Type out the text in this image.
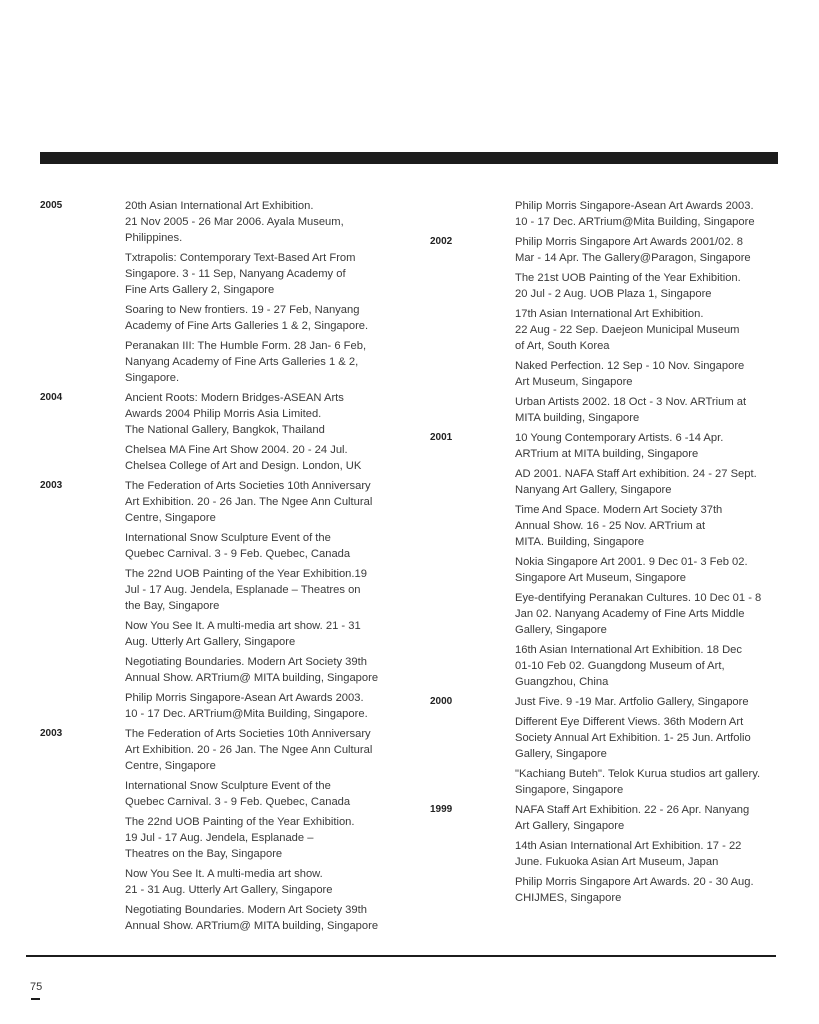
2005	20th Asian International Art Exhibition.
21 Nov 2005 - 26 Mar 2006. Ayala Museum,
Philippines.
Txtrapolis: Contemporary Text-Based Art From
Singapore. 3 - 11 Sep, Nanyang Academy of
Fine Arts Gallery 2, Singapore
Soaring to New frontiers. 19 - 27 Feb, Nanyang
Academy of Fine Arts Galleries 1 & 2, Singapore.
Peranakan III: The Humble Form. 28 Jan- 6 Feb,
Nanyang Academy of Fine Arts Galleries 1 & 2,
Singapore.
2004	Ancient Roots: Modern Bridges-ASEAN Arts
Awards 2004 Philip Morris Asia Limited.
The National Gallery, Bangkok, Thailand
Chelsea MA Fine Art Show 2004. 20 - 24 Jul.
Chelsea College of Art and Design. London, UK
2003	The Federation of Arts Societies 10th Anniversary
Art Exhibition. 20 - 26 Jan. The Ngee Ann Cultural
Centre, Singapore
International Snow Sculpture Event of the
Quebec Carnival. 3 - 9 Feb. Quebec, Canada
The 22nd UOB Painting of the Year Exhibition.19
Jul - 17 Aug. Jendela, Esplanade – Theatres on
the Bay, Singapore
Now You See It. A multi-media art show. 21 - 31
Aug. Utterly Art Gallery, Singapore
Negotiating Boundaries. Modern Art Society 39th
Annual Show. ARTrium@ MITA building, Singapore
Philip Morris Singapore-Asean Art Awards 2003.
10 - 17 Dec. ARTrium@Mita Building, Singapore.
2003	The Federation of Arts Societies 10th Anniversary
Art Exhibition. 20 - 26 Jan. The Ngee Ann Cultural
Centre, Singapore
International Snow Sculpture Event of the
Quebec Carnival. 3 - 9 Feb. Quebec, Canada
The 22nd UOB Painting of the Year Exhibition.
19 Jul - 17 Aug. Jendela, Esplanade –
Theatres on the Bay, Singapore
Now You See It. A multi-media art show.
21 - 31 Aug. Utterly Art Gallery, Singapore
Negotiating Boundaries. Modern Art Society 39th
Annual Show. ARTrium@ MITA building, Singapore
Philip Morris Singapore-Asean Art Awards 2003.
10 - 17 Dec. ARTrium@Mita Building, Singapore
2002	Philip Morris Singapore Art Awards 2001/02. 8
Mar - 14 Apr. The Gallery@Paragon, Singapore
The 21st UOB Painting of the Year Exhibition.
20 Jul - 2 Aug. UOB Plaza 1, Singapore
17th Asian International Art Exhibition.
22 Aug - 22 Sep. Daejeon Municipal Museum
of Art, South Korea
Naked Perfection. 12 Sep - 10 Nov. Singapore
Art Museum, Singapore
Urban Artists 2002. 18 Oct - 3 Nov. ARTrium at
MITA building, Singapore
2001	10 Young Contemporary Artists. 6 -14 Apr.
ARTrium at MITA building, Singapore
AD 2001. NAFA Staff Art exhibition. 24 - 27 Sept.
Nanyang Art Gallery, Singapore
Time And Space. Modern Art Society 37th
Annual Show. 16 - 25 Nov. ARTrium at
MITA. Building, Singapore
Nokia Singapore Art 2001. 9 Dec 01- 3 Feb 02.
Singapore Art Museum, Singapore
Eye-dentifying Peranakan Cultures. 10 Dec 01 - 8
Jan 02. Nanyang Academy of Fine Arts Middle
Gallery, Singapore
16th Asian International Art Exhibition. 18 Dec
01-10 Feb 02. Guangdong Museum of Art,
Guangzhou, China
2000	Just Five. 9 -19 Mar. Artfolio Gallery, Singapore
Different Eye Different Views. 36th Modern Art
Society Annual Art Exhibition. 1- 25 Jun. Artfolio
Gallery, Singapore
"Kachiang Buteh". Telok Kurua studios art gallery.
Singapore, Singapore
1999	NAFA Staff Art Exhibition. 22 - 26 Apr. Nanyang
Art Gallery, Singapore
14th Asian International Art Exhibition. 17 - 22
June. Fukuoka Asian Art Museum, Japan
Philip Morris Singapore Art Awards. 20 - 30 Aug.
CHIJMES, Singapore
75
